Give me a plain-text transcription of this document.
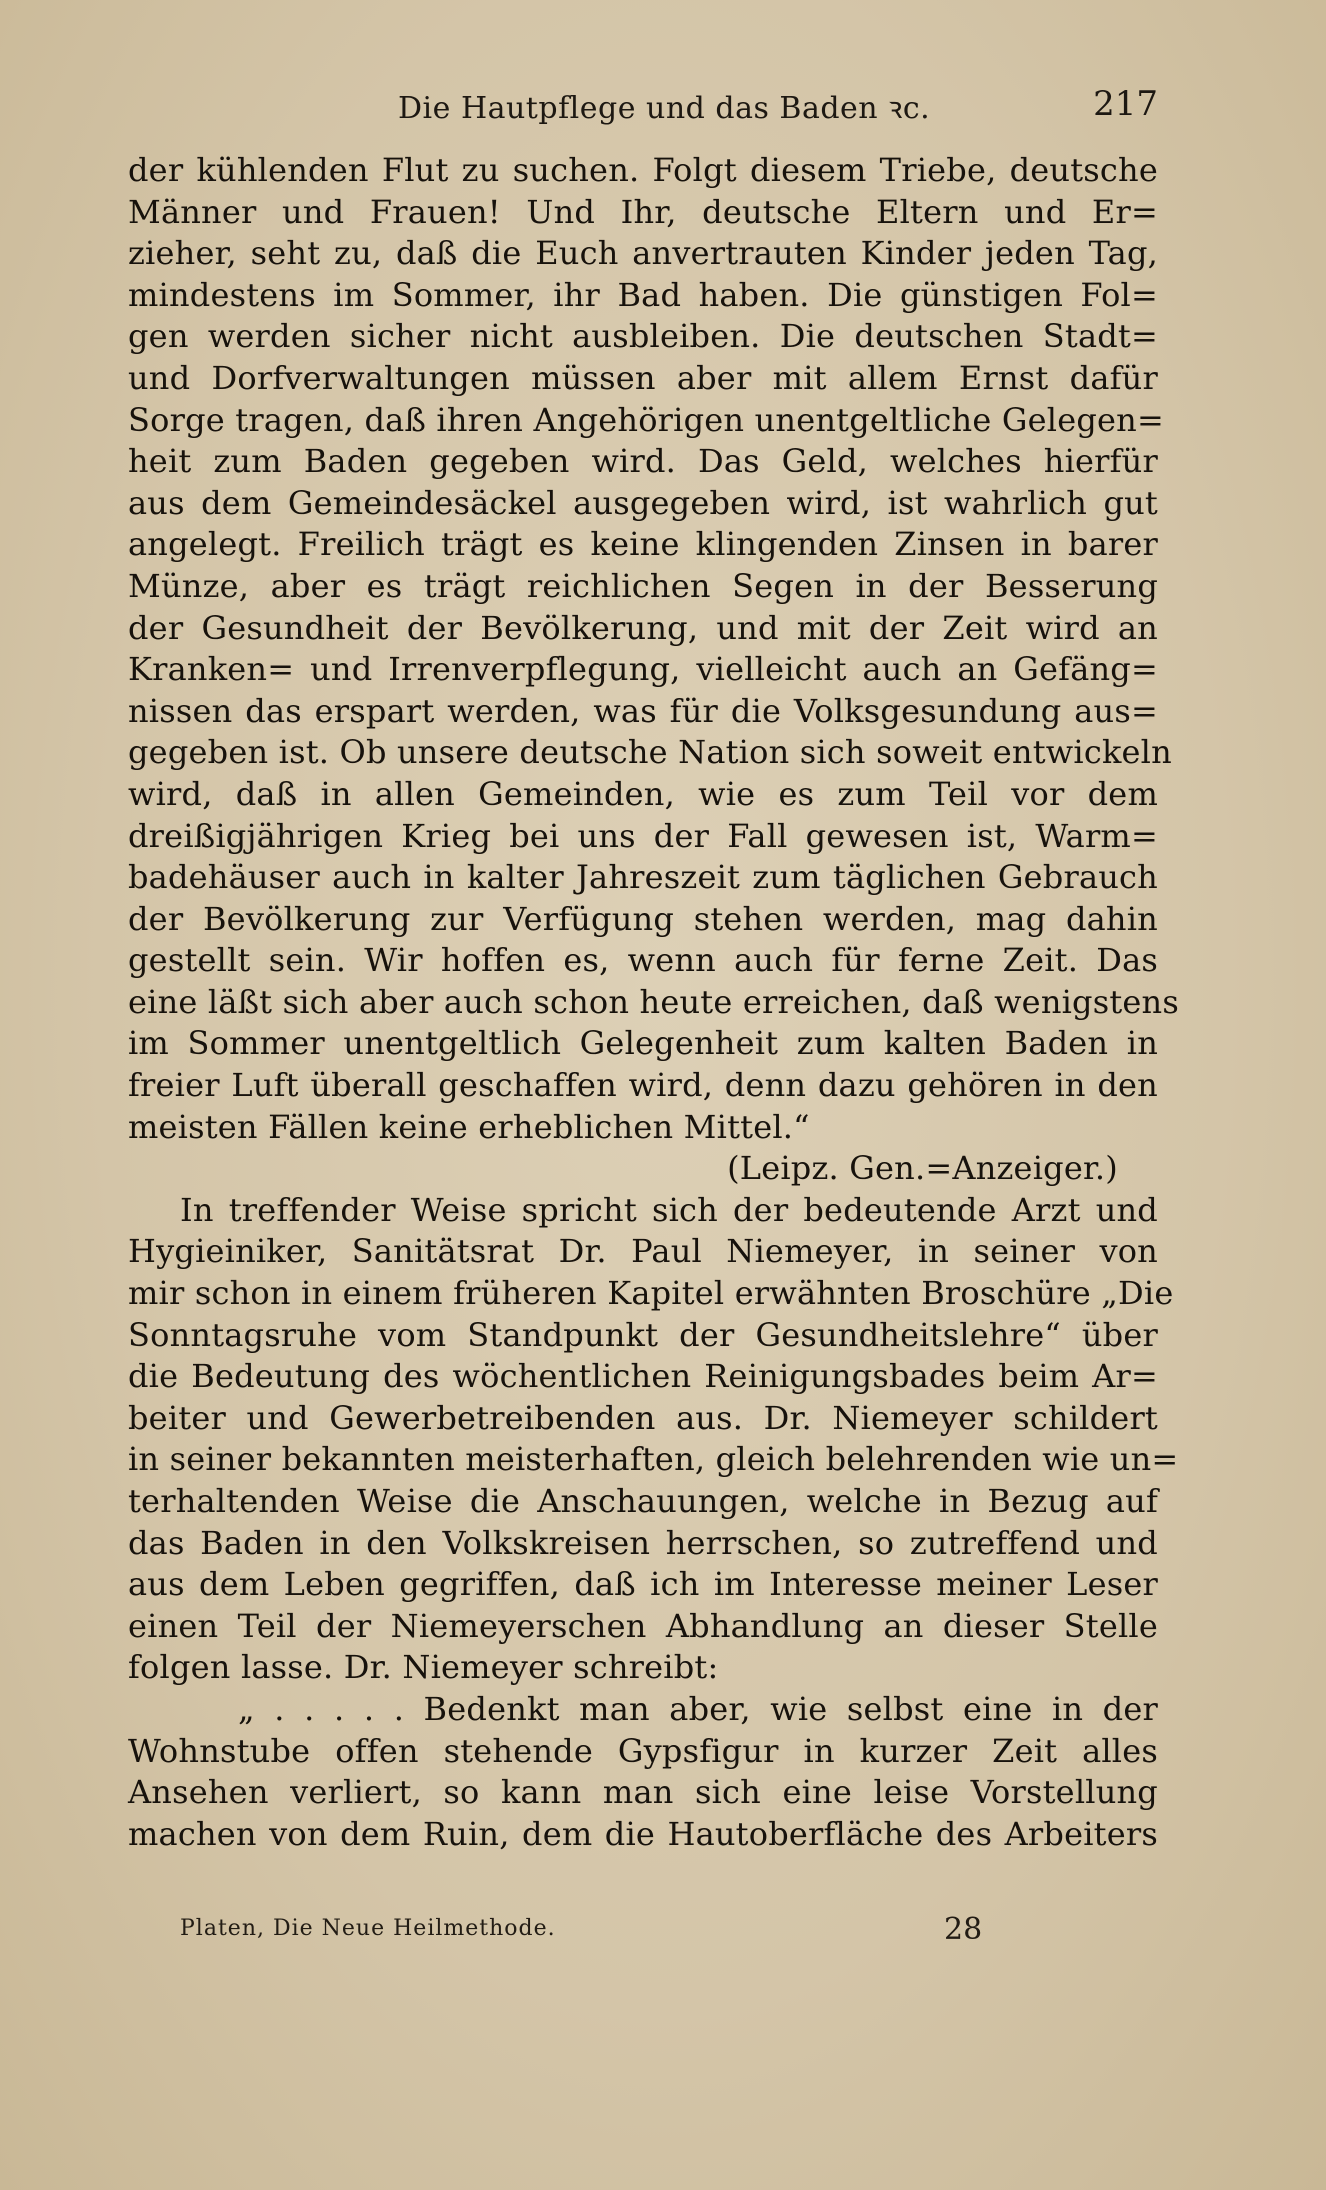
Die Hautpflege und das Baden ꝛc.	217
der kühlenden Flut zu suchen. Folgt diesem Triebe, deutsche
Männer und Frauen! Und Ihr, deutsche Eltern und Er=
zieher, seht zu, daß die Euch anvertrauten Kinder jeden Tag,
mindestens im Sommer, ihr Bad haben. Die günstigen Fol=
gen werden sicher nicht ausbleiben. Die deutschen Stadt=
und Dorfverwaltungen müssen aber mit allem Ernst dafür
Sorge tragen, daß ihren Angehörigen unentgeltliche Gelegen=
heit zum Baden gegeben wird. Das Geld, welches hierfür
aus dem Gemeindesäckel ausgegeben wird, ist wahrlich gut
angelegt. Freilich trägt es keine klingenden Zinsen in barer
Münze, aber es trägt reichlichen Segen in der Besserung
der Gesundheit der Bevölkerung, und mit der Zeit wird an
Kranken= und Irrenverpflegung, vielleicht auch an Gefäng=
nissen das erspart werden, was für die Volksgesundung aus=
gegeben ist. Ob unsere deutsche Nation sich soweit entwickeln
wird, daß in allen Gemeinden, wie es zum Teil vor dem
dreißigjährigen Krieg bei uns der Fall gewesen ist, Warm=
badehäuser auch in kalter Jahreszeit zum täglichen Gebrauch
der Bevölkerung zur Verfügung stehen werden, mag dahin
gestellt sein. Wir hoffen es, wenn auch für ferne Zeit. Das
eine läßt sich aber auch schon heute erreichen, daß wenigstens
im Sommer unentgeltlich Gelegenheit zum kalten Baden in
freier Luft überall geschaffen wird, denn dazu gehören in den
meisten Fällen keine erheblichen Mittel.“
(Leipz. Gen.=Anzeiger.)
In treffender Weise spricht sich der bedeutende Arzt und
Hygieiniker, Sanitätsrat Dr. Paul Niemeyer, in seiner von
mir schon in einem früheren Kapitel erwähnten Broschüre „Die
Sonntagsruhe vom Standpunkt der Gesundheitslehre“ über
die Bedeutung des wöchentlichen Reinigungsbades beim Ar=
beiter und Gewerbetreibenden aus. Dr. Niemeyer schildert
in seiner bekannten meisterhaften, gleich belehrenden wie un=
terhaltenden Weise die Anschauungen, welche in Bezug auf
das Baden in den Volkskreisen herrschen, so zutreffend und
aus dem Leben gegriffen, daß ich im Interesse meiner Leser
einen Teil der Niemeyerschen Abhandlung an dieser Stelle
folgen lasse. Dr. Niemeyer schreibt:
„ . . . . . Bedenkt man aber, wie selbst eine in der
Wohnstube offen stehende Gypsfigur in kurzer Zeit alles
Ansehen verliert, so kann man sich eine leise Vorstellung
machen von dem Ruin, dem die Hautoberfläche des Arbeiters
Platen, Die Neue Heilmethode.	28
